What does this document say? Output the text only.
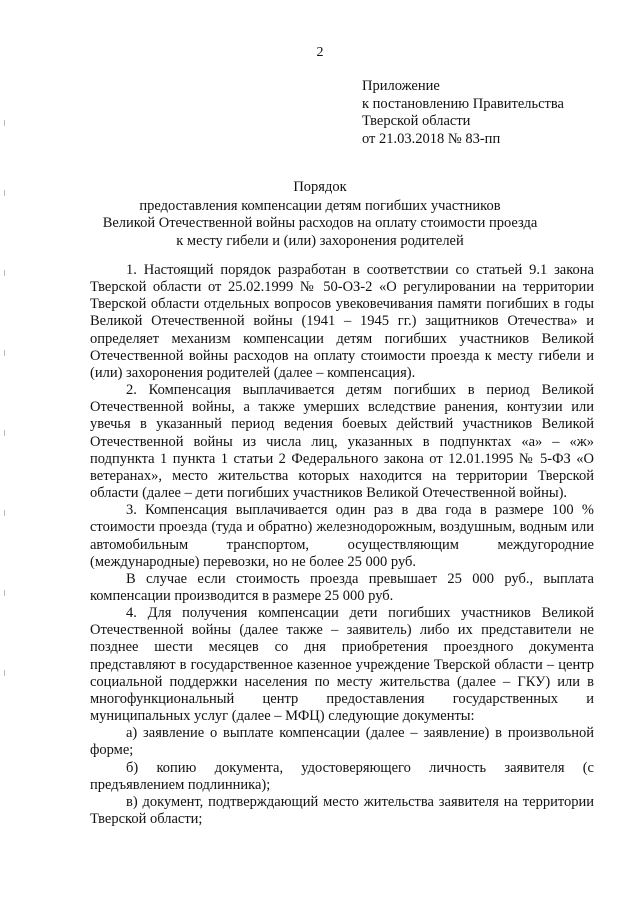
2
Приложение
к постановлению Правительства
Тверской области
от 21.03.2018 № 83-пп
Порядок
предоставления компенсации детям погибших участников
Великой Отечественной войны расходов на оплату стоимости проезда
к месту гибели и (или) захоронения родителей

1. Настоящий порядок разработан в соответствии со статьей 9.1 закона Тверской области от 25.02.1999 № 50-ОЗ-2 «О регулировании на территории Тверской области отдельных вопросов увековечивания памяти погибших в годы Великой Отечественной войны (1941 – 1945 гг.) защитников Отечества» и определяет механизм компенсации детям погибших участников Великой Отечественной войны расходов на оплату стоимости проезда к месту гибели и (или) захоронения родителей (далее – компенсация).

2. Компенсация выплачивается детям погибших в период Великой Отечественной войны, а также умерших вследствие ранения, контузии или увечья в указанный период ведения боевых действий участников Великой Отечественной войны из числа лиц, указанных в подпунктах «а» – «ж» подпункта 1 пункта 1 статьи 2 Федерального закона от 12.01.1995 № 5-ФЗ «О ветеранах», место жительства которых находится на территории Тверской области (далее – дети погибших участников Великой Отечественной войны).

3. Компенсация выплачивается один раз в два года в размере 100 % стоимости проезда (туда и обратно) железнодорожным, воздушным, водным или автомобильным транспортом, осуществляющим междугородние (международные) перевозки, но не более 25 000 руб.

В случае если стоимость проезда превышает 25 000 руб., выплата компенсации производится в размере 25 000 руб.

4. Для получения компенсации дети погибших участников Великой Отечественной войны (далее также – заявитель) либо их представители не позднее шести месяцев со дня приобретения проездного документа представляют в государственное казенное учреждение Тверской области – центр социальной поддержки населения по месту жительства (далее – ГКУ) или в многофункциональный центр предоставления государственных и муниципальных услуг (далее – МФЦ) следующие документы:

а) заявление о выплате компенсации (далее – заявление) в произвольной форме;

б) копию документа, удостоверяющего личность заявителя (с предъявлением подлинника);

в) документ, подтверждающий место жительства заявителя на территории Тверской области;
